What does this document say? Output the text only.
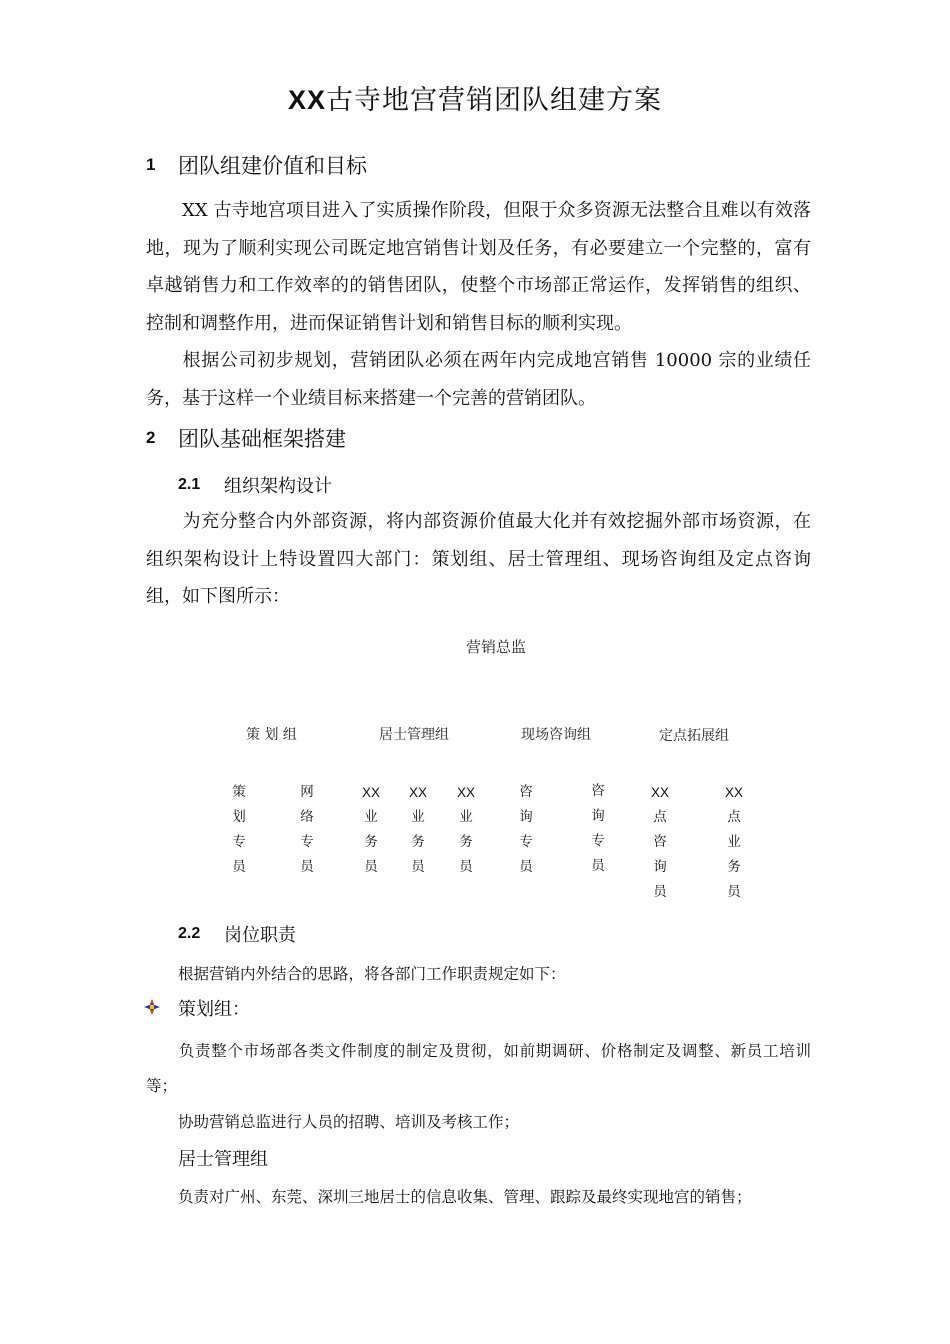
XX古寺地宫营销团队组建方案
1 团队组建价值和目标
XX 古寺地宫项目进入了实质操作阶段，但限于众多资源无法整合且难以有效落地，现为了顺利实现公司既定地宫销售计划及任务，有必要建立一个完整的，富有卓越销售力和工作效率的的销售团队，使整个市场部正常运作，发挥销售的组织、控制和调整作用，进而保证销售计划和销售目标的顺利实现。
根据公司初步规划，营销团队必须在两年内完成地宫销售 10000 宗的业绩任务，基于这样一个业绩目标来搭建一个完善的营销团队。
2 团队基础框架搭建
2.1 组织架构设计
为充分整合内外部资源，将内部资源价值最大化并有效挖掘外部市场资源，在组织架构设计上特设置四大部门：策划组、居士管理组、现场咨询组及定点咨询组，如下图所示：
营销总监
策 划 组	居士管理组	现场咨询组	定点拓展组
策
划
专
员
网
络
专
员
XX
业
务
员
XX
业
务
员
XX
业
务
员
咨
询
专
员
咨
询
专
员
XX
点
咨
询
员
XX
点
业
务
员
2.2 岗位职责
根据营销内外结合的思路，将各部门工作职责规定如下：
策划组：
负责整个市场部各类文件制度的制定及贯彻，如前期调研、价格制定及调整、新员工培训等；
协助营销总监进行人员的招聘、培训及考核工作；
居士管理组
负责对广州、东莞、深圳三地居士的信息收集、管理、跟踪及最终实现地宫的销售；
